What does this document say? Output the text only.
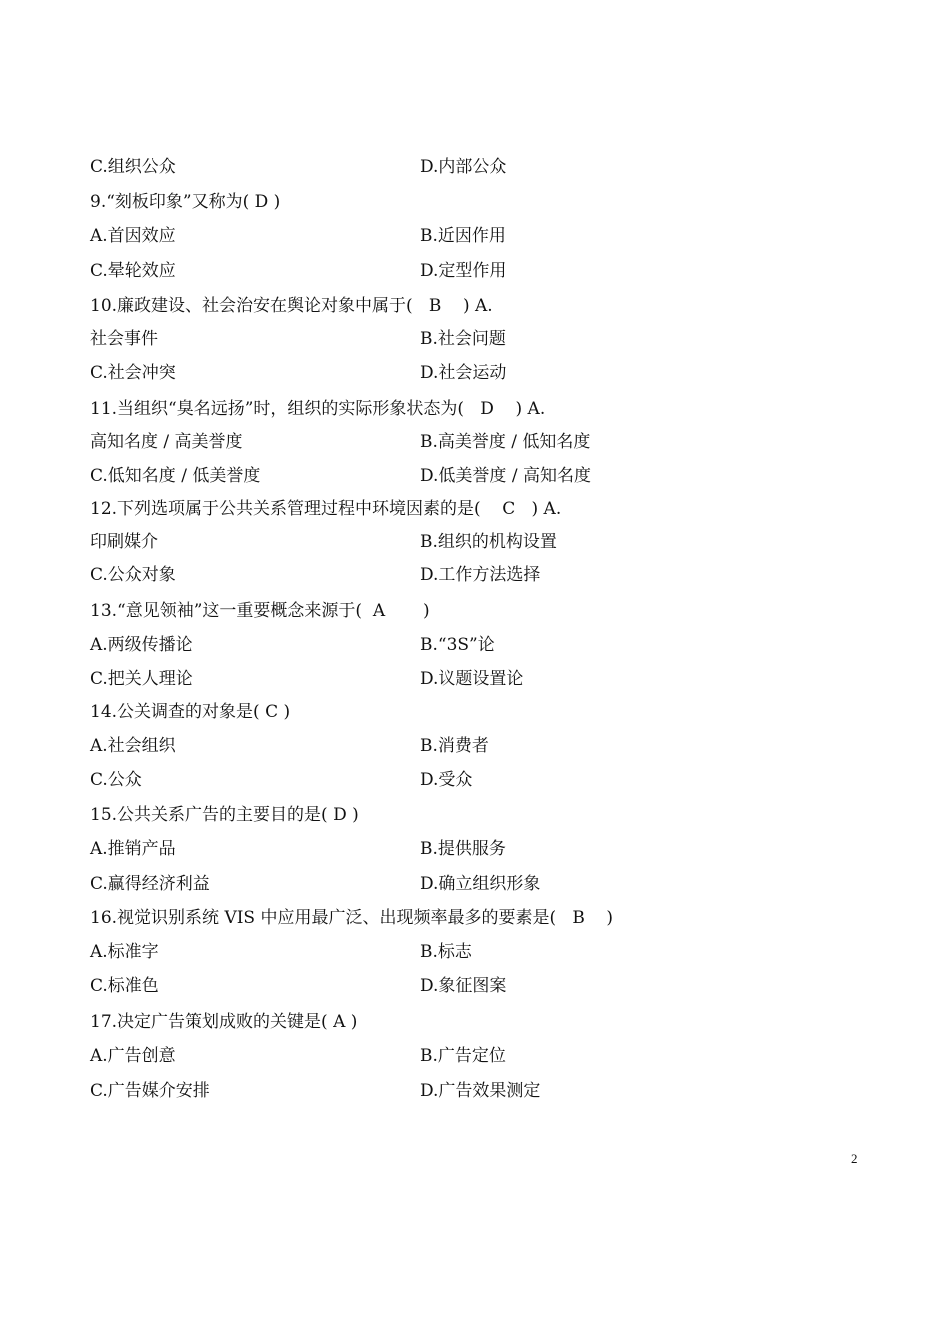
C.组织公众	D.内部公众
9.“刻板印象”又称为( D )
A.首因效应	B.近因作用
C.晕轮效应	D.定型作用
10.廉政建设、社会治安在舆论对象中属于(   B    ) A.
社会事件	B.社会问题
C.社会冲突	D.社会运动
11.当组织“臭名远扬”时，组织的实际形象状态为(   D    ) A.
高知名度 / 高美誉度	B.高美誉度 / 低知名度
C.低知名度 / 低美誉度	D.低美誉度 / 高知名度
12.下列选项属于公共关系管理过程中环境因素的是(    C   ) A.
印刷媒介	B.组织的机构设置
C.公众对象	D.工作方法选择
13.“意见领袖”这一重要概念来源于(  A       )
A.两级传播论	B.“3S”论
C.把关人理论	D.议题设置论
14.公关调查的对象是( C )
A.社会组织	B.消费者
C.公众	D.受众
15.公共关系广告的主要目的是( D )
A.推销产品	B.提供服务
C.赢得经济利益	D.确立组织形象
16.视觉识别系统 VIS 中应用最广泛、出现频率最多的要素是(   B    )
A.标准字	B.标志
C.标准色	D.象征图案
17.决定广告策划成败的关键是( A )
A.广告创意	B.广告定位
C.广告媒介安排	D.广告效果测定
2
